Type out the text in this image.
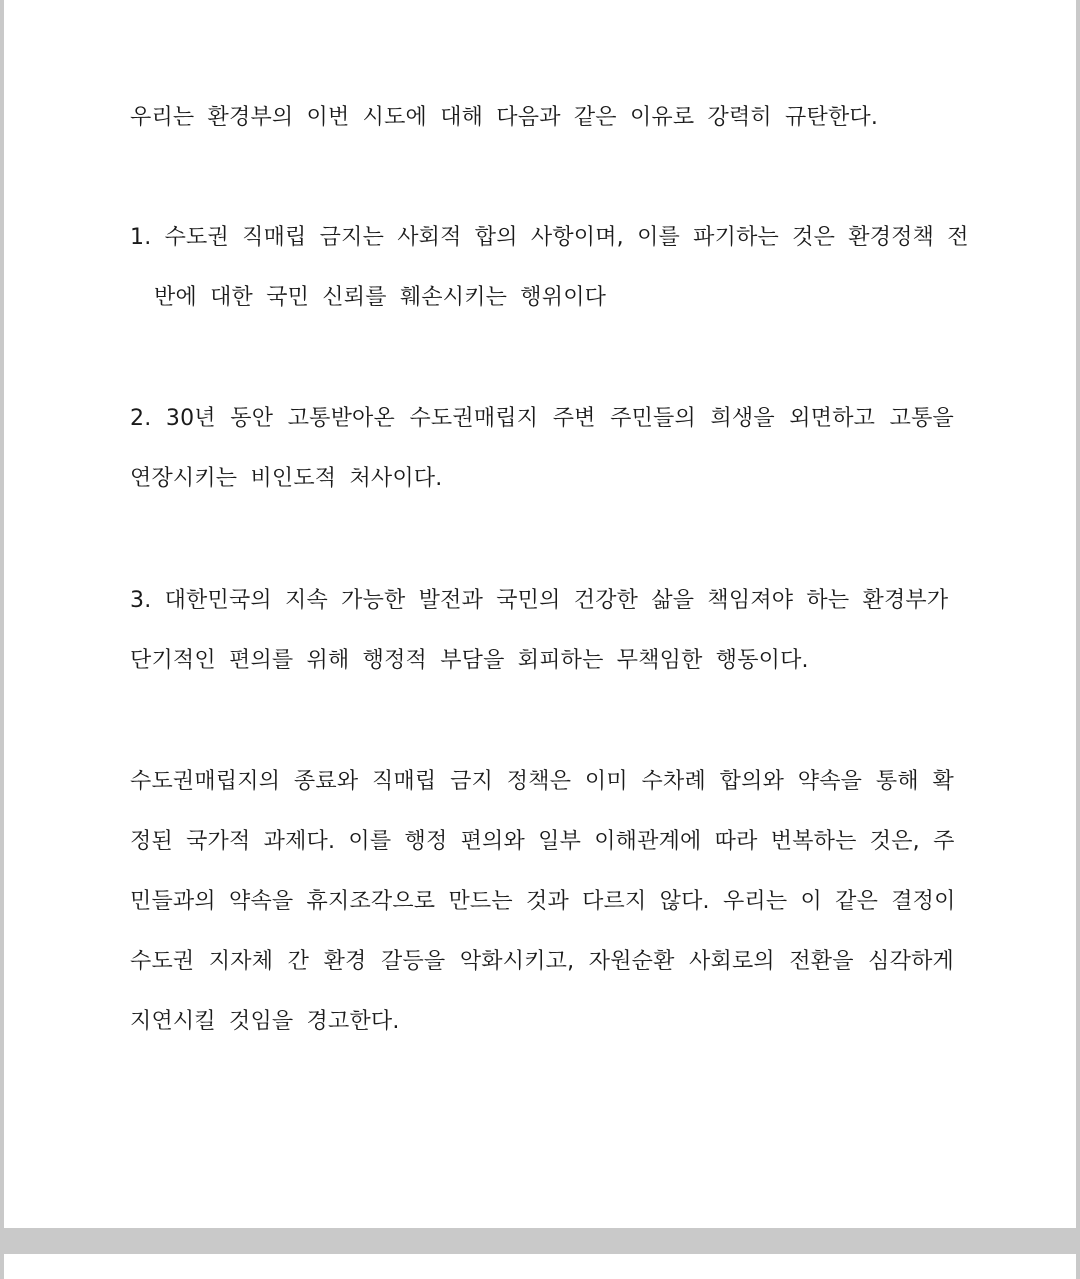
우리는 환경부의 이번 시도에 대해 다음과 같은 이유로 강력히 규탄한다.
1. 수도권 직매립 금지는 사회적 합의 사항이며, 이를 파기하는 것은 환경정책 전
반에 대한 국민 신뢰를 훼손시키는 행위이다
2. 30년 동안 고통받아온 수도권매립지 주변 주민들의 희생을 외면하고 고통을
연장시키는 비인도적 처사이다.
3. 대한민국의 지속 가능한 발전과 국민의 건강한 삶을 책임져야 하는 환경부가
단기적인 편의를 위해 행정적 부담을 회피하는 무책임한 행동이다.
수도권매립지의 종료와 직매립 금지 정책은 이미 수차례 합의와 약속을 통해 확
정된 국가적 과제다. 이를 행정 편의와 일부 이해관계에 따라 번복하는 것은, 주
민들과의 약속을 휴지조각으로 만드는 것과 다르지 않다. 우리는 이 같은 결정이
수도권 지자체 간 환경 갈등을 악화시키고, 자원순환 사회로의 전환을 심각하게
지연시킬 것임을 경고한다.
